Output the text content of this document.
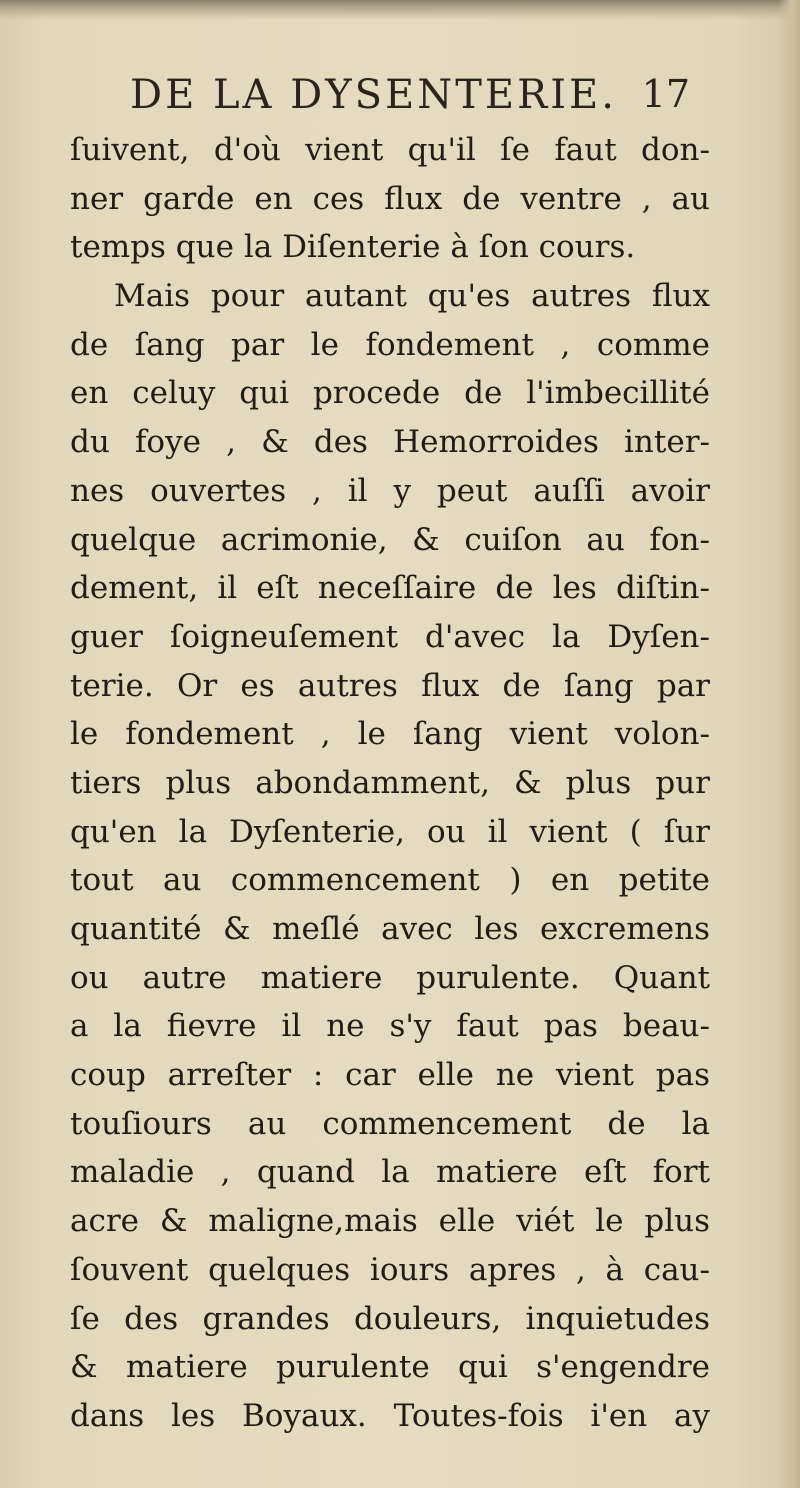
DE LA DYSENTERIE. 17
ſuivent, d'où vient qu'il ſe faut don-
ner garde en ces flux de ventre , au
temps que la Diſenterie à ſon cours.
Mais pour autant qu'es autres flux
de ſang par le fondement , comme
en celuy qui procede de l'imbecillité
du foye , & des Hemorroides inter-
nes ouvertes , il y peut auſſi avoir
quelque acrimonie, & cuiſon au fon-
dement, il eſt neceſſaire de les diſtin-
guer ſoigneuſement d'avec la Dyſen-
terie. Or es autres flux de ſang par
le fondement , le ſang vient volon-
tiers plus abondamment, & plus pur
qu'en la Dyſenterie, ou il vient ( ſur
tout au commencement ) en petite
quantité & meſlé avec les excremens
ou autre matiere purulente. Quant
a la fievre il ne s'y faut pas beau-
coup arreſter : car elle ne vient pas
touſiours au commencement de la
maladie , quand la matiere eſt fort
acre & maligne,mais elle viét le plus
ſouvent quelques iours apres , à cau-
ſe des grandes douleurs, inquietudes
& matiere purulente qui s'engendre
dans les Boyaux. Toutes-fois i'en ay
